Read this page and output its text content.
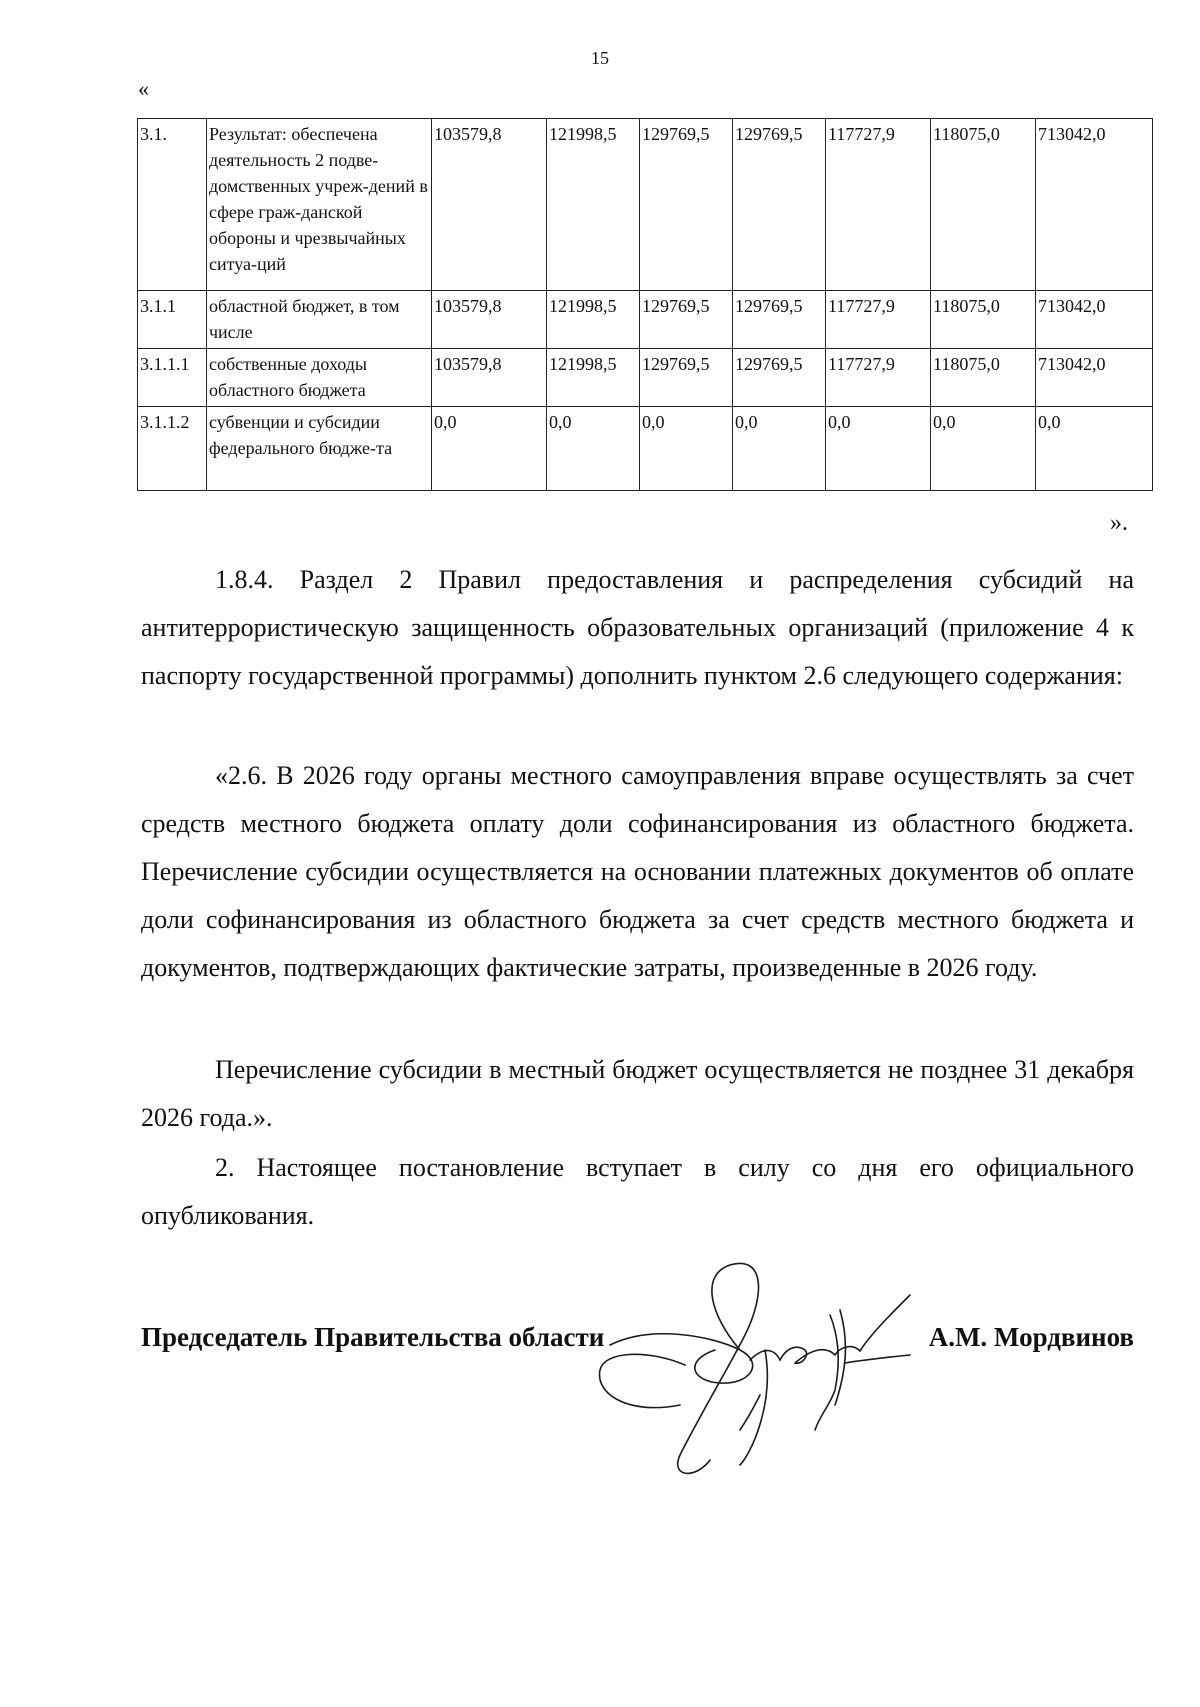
15
«
3.1.	Результат: обеспечена деятельность 2 подве-домственных учреж-дений в сфере граж-данской обороны и чрезвычайных ситуа-ций	103579,8	121998,5	129769,5	129769,5	117727,9	118075,0	713042,0
3.1.1	областной бюджет, в том числе	103579,8	121998,5	129769,5	129769,5	117727,9	118075,0	713042,0
3.1.1.1	собственные доходы областного бюджета	103579,8	121998,5	129769,5	129769,5	117727,9	118075,0	713042,0
3.1.1.2	субвенции и субсидии федерального бюдже-та	0,0	0,0	0,0	0,0	0,0	0,0	0,0
».

1.8.4. Раздел 2 Правил предоставления и распределения субсидий на антитеррористическую защищенность образовательных организаций (приложение 4 к паспорту государственной программы) дополнить пунктом 2.6 следующего содержания:

«2.6. В 2026 году органы местного самоуправления вправе осуществлять за счет средств местного бюджета оплату доли софинансирования из областного бюджета. Перечисление субсидии осуществляется на основании платежных документов об оплате доли софинансирования из областного бюджета за счет средств местного бюджета и документов, подтверждающих фактические затраты, произведенные в 2026 году.

Перечисление субсидии в местный бюджет осуществляется не позднее 31 декабря 2026 года.».

2. Настоящее постановление вступает в силу со дня его официального опубликования.

Председатель Правительства области	А.М. Мордвинов
